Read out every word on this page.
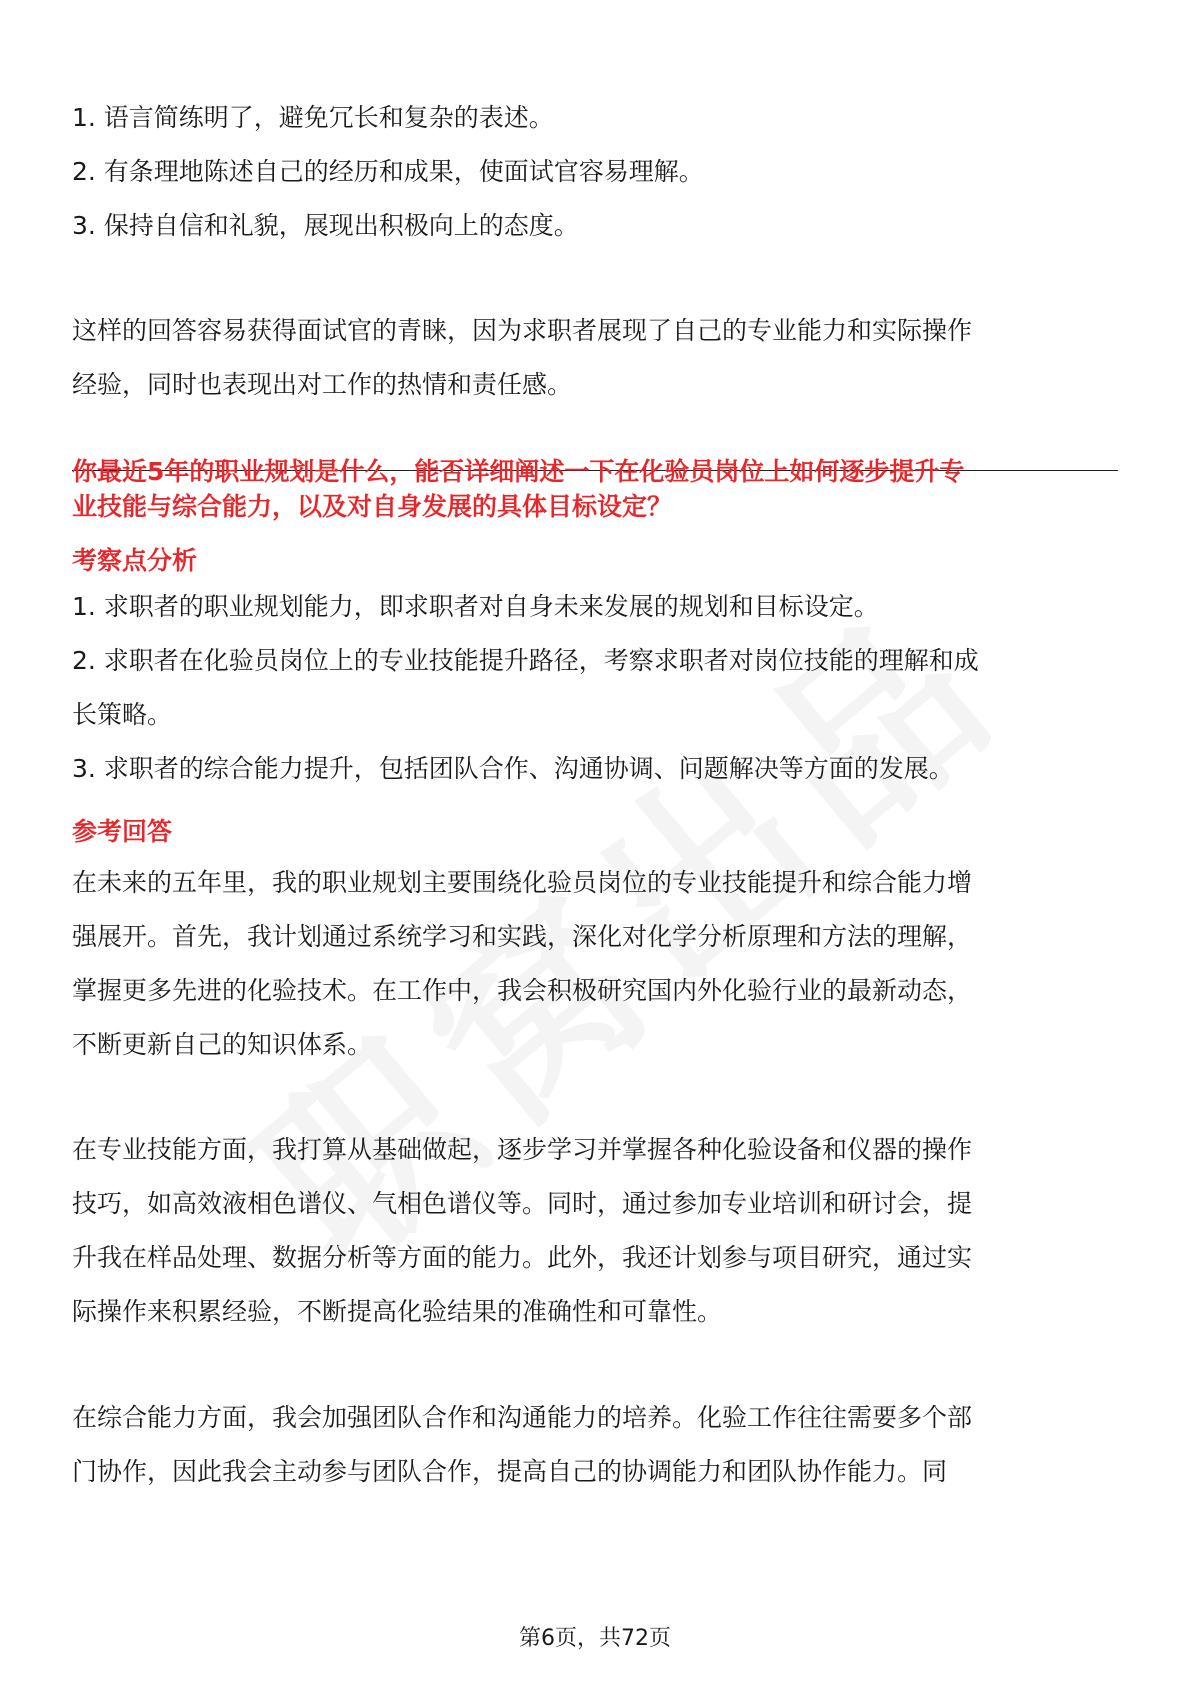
1. 语言简练明了，避免冗长和复杂的表述。
2. 有条理地陈述自己的经历和成果，使面试官容易理解。
3. 保持自信和礼貌，展现出积极向上的态度。
这样的回答容易获得面试官的青睐，因为求职者展现了自己的专业能力和实际操作
经验，同时也表现出对工作的热情和责任感。
你最近5年的职业规划是什么，能否详细阐述一下在化验员岗位上如何逐步提升专
业技能与综合能力，以及对自身发展的具体目标设定？
考察点分析
1. 求职者的职业规划能力，即求职者对自身未来发展的规划和目标设定。
2. 求职者在化验员岗位上的专业技能提升路径，考察求职者对岗位技能的理解和成
长策略。
3. 求职者的综合能力提升，包括团队合作、沟通协调、问题解决等方面的发展。
参考回答
在未来的五年里，我的职业规划主要围绕化验员岗位的专业技能提升和综合能力增
强展开。首先，我计划通过系统学习和实践，深化对化学分析原理和方法的理解，
掌握更多先进的化验技术。在工作中，我会积极研究国内外化验行业的最新动态，
不断更新自己的知识体系。
在专业技能方面，我打算从基础做起，逐步学习并掌握各种化验设备和仪器的操作
技巧，如高效液相色谱仪、气相色谱仪等。同时，通过参加专业培训和研讨会，提
升我在样品处理、数据分析等方面的能力。此外，我还计划参与项目研究，通过实
际操作来积累经验，不断提高化验结果的准确性和可靠性。
在综合能力方面，我会加强团队合作和沟通能力的培养。化验工作往往需要多个部
门协作，因此我会主动参与团队合作，提高自己的协调能力和团队协作能力。同
第6页，共72页
